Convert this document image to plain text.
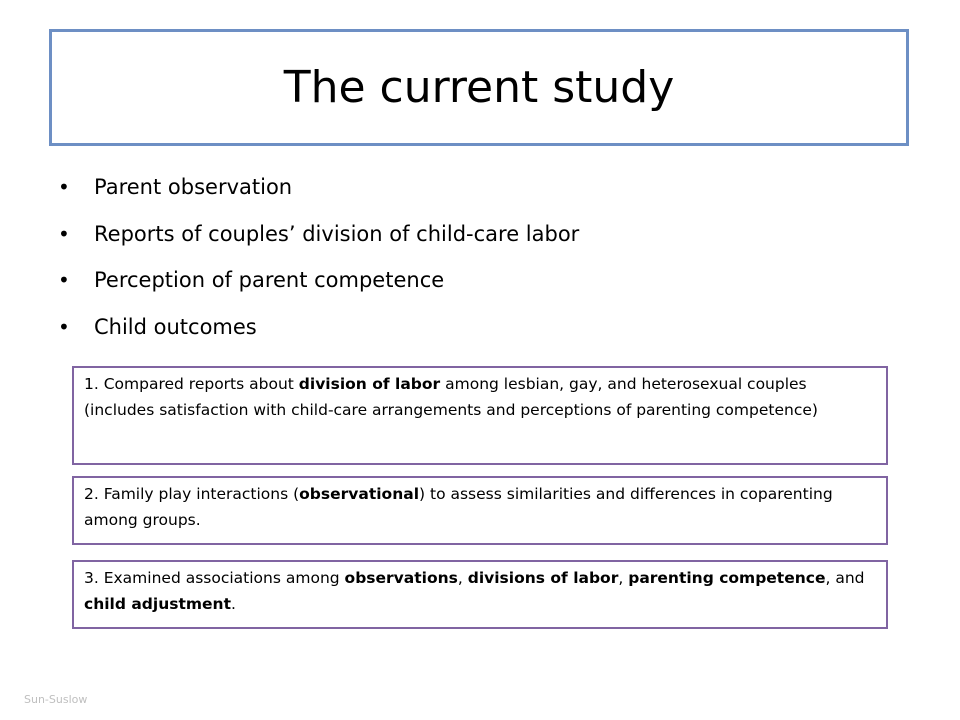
The current study
•	Parent observation
•	Reports of couples’ division of child-care labor
•	Perception of parent competence
•	Child outcomes
1. Compared reports about division of labor among lesbian, gay, and heterosexual couples (includes satisfaction with child-care arrangements and perceptions of parenting competence)
2. Family play interactions (observational) to assess similarities and differences in coparenting among groups.
3. Examined associations among observations, divisions of labor, parenting competence, and child adjustment.
Sun-Suslow
